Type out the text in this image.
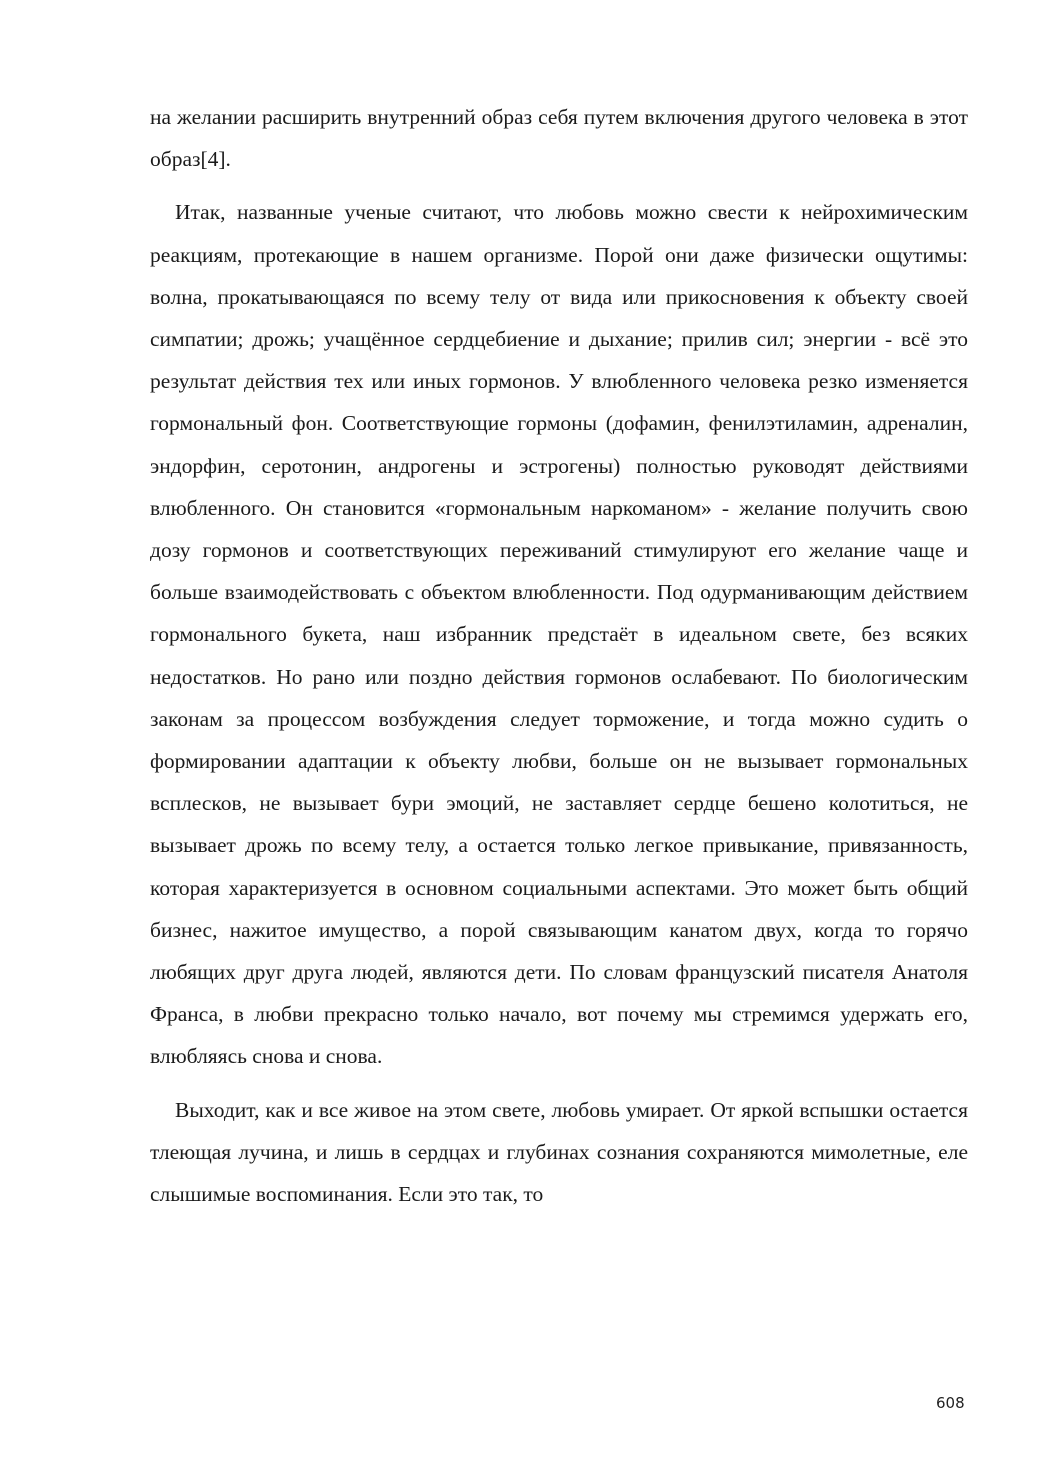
на желании расширить внутренний образ себя путем включения другого человека в этот образ[4].

Итак, названные ученые считают, что любовь можно свести к нейрохимическим реакциям, протекающие в нашем организме. Порой они даже физически ощутимы: волна, прокатывающаяся по всему телу от вида или прикосновения к объекту своей симпатии; дрожь; учащённое сердцебиение и дыхание; прилив сил; энергии - всё это результат действия тех или иных гормонов. У влюбленного человека резко изменяется гормональный фон. Соответствующие гормоны (дофамин, фенилэтиламин, адреналин, эндорфин, серотонин, андрогены и эстрогены) полностью руководят действиями влюбленного. Он становится «гормональным наркоманом» - желание получить свою дозу гормонов и соответствующих переживаний стимулируют его желание чаще и больше взаимодействовать с объектом влюбленности. Под одурманивающим действием гормонального букета, наш избранник предстаёт в идеальном свете, без всяких недостатков. Но рано или поздно действия гормонов ослабевают. По биологическим законам за процессом возбуждения следует торможение, и тогда можно судить о формировании адаптации к объекту любви, больше он не вызывает гормональных всплесков, не вызывает бури эмоций, не заставляет сердце бешено колотиться, не вызывает дрожь по всему телу, а остается только легкое привыкание, привязанность, которая характеризуется в основном социальными аспектами. Это может быть общий бизнес, нажитое имущество, а порой связывающим канатом двух, когда то горячо любящих друг друга людей, являются дети. По словам французский писателя Анатоля Франса, в любви прекрасно только начало, вот почему мы стремимся удержать его, влюбляясь снова и снова.

Выходит, как и все живое на этом свете, любовь умирает. От яркой вспышки остается тлеющая лучина, и лишь в сердцах и глубинах сознания сохраняются мимолетные, еле слышимые воспоминания. Если это так, то

608
